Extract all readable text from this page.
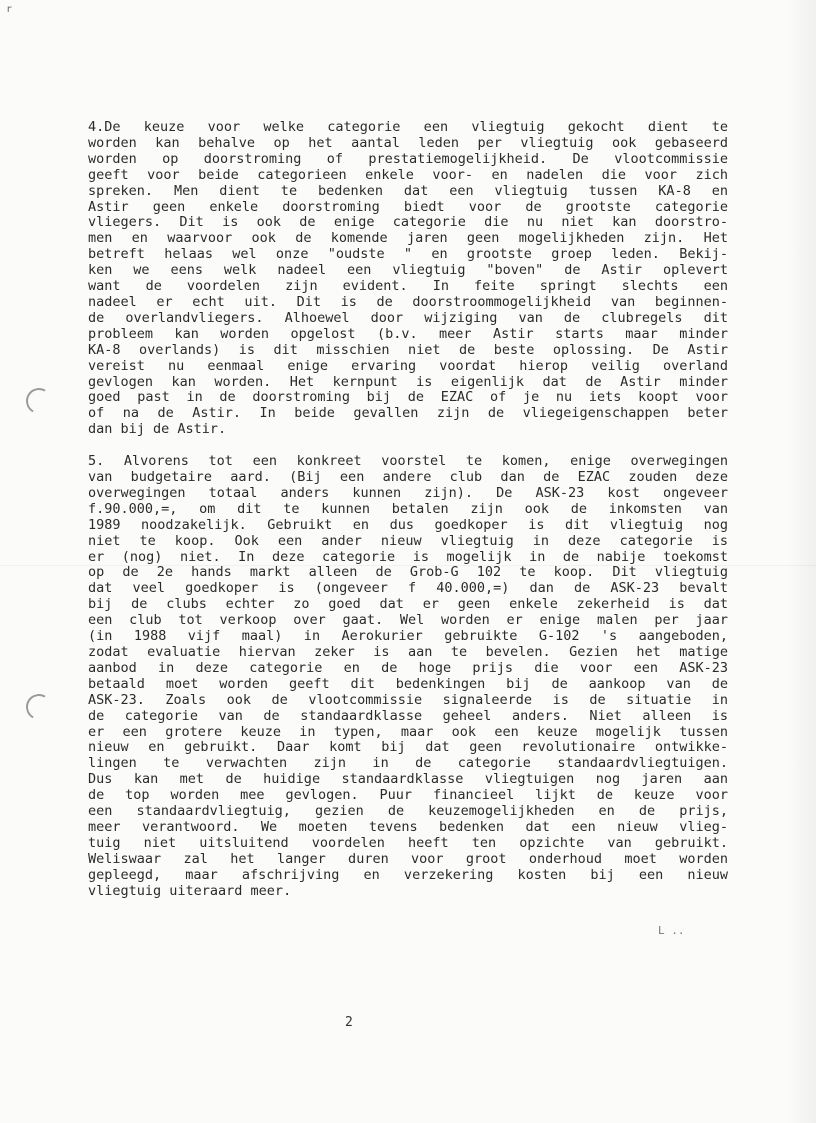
r
4.De keuze voor welke categorie een vliegtuig gekocht dient te
worden kan behalve op het aantal leden per vliegtuig ook gebaseerd
worden op doorstroming of prestatiemogelijkheid. De vlootcommissie
geeft voor beide categorieen enkele voor- en nadelen die voor zich
spreken. Men dient te bedenken dat een vliegtuig tussen KA-8 en
Astir geen enkele doorstroming biedt voor de grootste categorie
vliegers. Dit is ook de enige categorie die nu niet kan doorstro-
men en waarvoor ook de komende jaren geen mogelijkheden zijn. Het
betreft helaas wel onze "oudste " en grootste groep leden. Bekij-
ken we eens welk nadeel een vliegtuig "boven" de Astir oplevert
want de voordelen zijn evident. In feite springt slechts een
nadeel er echt uit. Dit is de doorstroommogelijkheid van beginnen-
de overlandvliegers. Alhoewel door wijziging van de clubregels dit
probleem kan worden opgelost (b.v. meer Astir starts maar minder
KA-8 overlands) is dit misschien niet de beste oplossing. De Astir
vereist nu eenmaal enige ervaring voordat hierop veilig overland
gevlogen kan worden. Het kernpunt is eigenlijk dat de Astir minder
goed past in de doorstroming bij de EZAC of je nu iets koopt voor
of na de Astir. In beide gevallen zijn de vliegeigenschappen beter
dan bij de Astir.
5. Alvorens tot een konkreet voorstel te komen, enige overwegingen
van budgetaire aard. (Bij een andere club dan de EZAC zouden deze
overwegingen totaal anders kunnen zijn). De ASK-23 kost ongeveer
f.90.000,=, om dit te kunnen betalen zijn ook de inkomsten van
1989 noodzakelijk. Gebruikt en dus goedkoper is dit vliegtuig nog
niet te koop. Ook een ander nieuw vliegtuig in deze categorie is
er (nog) niet. In deze categorie is mogelijk in de nabije toekomst
op de 2e hands markt alleen de Grob-G 102 te koop. Dit vliegtuig
dat veel goedkoper is (ongeveer f 40.000,=) dan de ASK-23 bevalt
bij de clubs echter zo goed dat er geen enkele zekerheid is dat
een club tot verkoop over gaat. Wel worden er enige malen per jaar
(in 1988 vijf maal) in Aerokurier gebruikte G-102 's aangeboden,
zodat evaluatie hiervan zeker is aan te bevelen. Gezien het matige
aanbod in deze categorie en de hoge prijs die voor een ASK-23
betaald moet worden geeft dit bedenkingen bij de aankoop van de
ASK-23. Zoals ook de vlootcommissie signaleerde is de situatie in
de categorie van de standaardklasse geheel anders. Niet alleen is
er een grotere keuze in typen, maar ook een keuze mogelijk tussen
nieuw en gebruikt. Daar komt bij dat geen revolutionaire ontwikke-
lingen te verwachten zijn in de categorie standaardvliegtuigen.
Dus kan met de huidige standaardklasse vliegtuigen nog jaren aan
de top worden mee gevlogen. Puur financieel lijkt de keuze voor
een standaardvliegtuig, gezien de keuzemogelijkheden en de prijs,
meer verantwoord. We moeten tevens bedenken dat een nieuw vlieg-
tuig niet uitsluitend voordelen heeft ten opzichte van gebruikt.
Weliswaar zal het langer duren voor groot onderhoud moet worden
gepleegd, maar afschrijving en verzekering kosten bij een nieuw
vliegtuig uiteraard meer.
L ..
2
